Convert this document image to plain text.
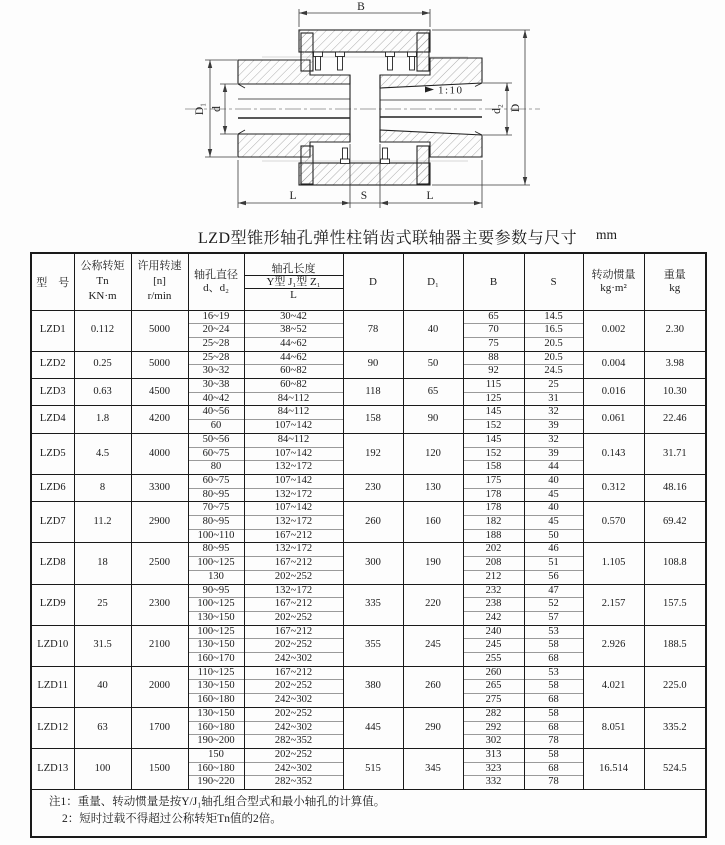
1:10
B
D₁ d	d₂ D
L	S	L
LZD型锥形轴孔弹性柱销齿式联轴器主要参数与尺寸 mm
型　号

公称转矩
Tn
KN·m

许用转速
[n]
r/min

轴孔直径
d、d₂

轴孔长度
Y型 J₁型 Z₁
L

D	D₁	B	S

转动惯量
kg·m²

重量
kg

LZD1	0.112	5000	16~19	30~42	78	40	65	14.5	0.002	2.30
			20~24	38~52			70	16.5		
			25~28	44~62			75	20.5		
LZD2	0.25	5000	25~28	44~62	90	50	88	20.5	0.004	3.98
			30~32	60~82			92	24.5		
LZD3	0.63	4500	30~38	60~82	118	65	115	25	0.016	10.30
			40~42	84~112			125	31		
LZD4	1.8	4200	40~56	84~112	158	90	145	32	0.061	22.46
			60	107~142			152	39		
LZD5	4.5	4000	50~56	84~112	192	120	145	32	0.143	31.71
			60~75	107~142			152	39		
			80	132~172			158	44		
LZD6	8	3300	60~75	107~142	230	130	175	40	0.312	48.16
			80~95	132~172			178	45		
LZD7	11.2	2900	70~75	107~142	260	160	178	40	0.570	69.42
			80~95	132~172			182	45		
			100~110	167~212			188	50		
LZD8	18	2500	80~95	132~172	300	190	202	46	1.105	108.8
			100~125	167~212			208	51		
			130	202~252			212	56		
LZD9	25	2300	90~95	132~172	335	220	232	47	2.157	157.5
			100~125	167~212			238	52		
			130~150	202~252			242	57		
LZD10	31.5	2100	100~125	167~212	355	245	240	53	2.926	188.5
			130~150	202~252			245	58		
			160~170	242~302			255	68		
LZD11	40	2000	110~125	167~212	380	260	260	53	4.021	225.0
			130~150	202~252			265	58		
			160~180	242~302			275	68		
LZD12	63	1700	130~150	202~252	445	290	282	58	8.051	335.2
			160~180	242~302			292	68		
			190~200	282~352			302	78		
LZD13	100	1500	150	202~252	515	345	313	58	16.514	524.5
			160~180	242~302			323	68		
			190~220	282~352			332	78		

注1：重量、转动惯量是按Y/J₁轴孔组合型式和最小轴孔的计算值。
2：短时过载不得超过公称转矩Tn值的2倍。										
